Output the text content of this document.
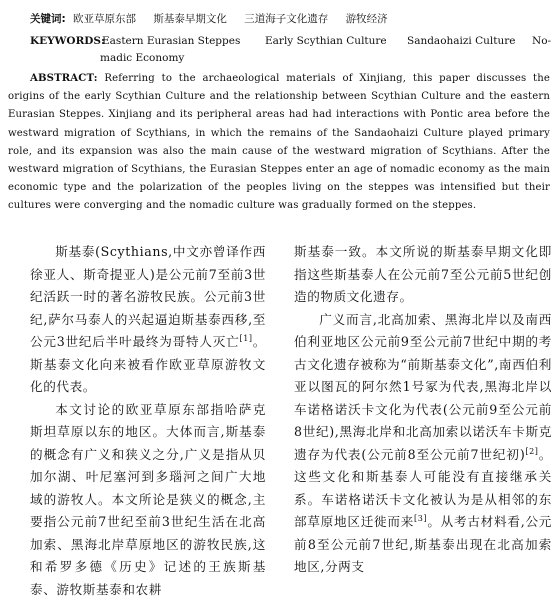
关键词: 欧亚草原东部 斯基泰早期文化 三道海子文化遗存 游牧经济
KEYWORDS:
Eastern Eurasian Steppes Early Scythian Culture Sandaohaizi Culture No-
madic Economy
ABSTRACT: Referring to the archaeological materials of Xinjiang, this paper discusses the origins of the early Scythian Culture and the relationship between Scythian Culture and the eastern Eurasian Steppes. Xinjiang and its peripheral areas had had interactions with Pontic area before the westward migration of Scythians, in which the remains of the Sandaohaizi Culture played primary role, and its expansion was also the main cause of the westward migration of Scythians. After the westward migration of Scythians, the Eurasian Steppes enter an age of nomadic economy as the main economic type and the polarization of the peoples living on the steppes was intensified but their cultures were converging and the nomadic culture was gradually formed on the steppes.

斯基泰(Scythians,中文亦曾译作西徐亚人、斯奇提亚人)是公元前7至前3世纪活跃一时的著名游牧民族。公元前3世纪,萨尔马泰人的兴起逼迫斯基泰西移,至公元3世纪后半叶最终为哥特人灭亡[1]。斯基泰文化向来被看作欧亚草原游牧文化的代表。

本文讨论的欧亚草原东部指哈萨克斯坦草原以东的地区。大体而言,斯基泰的概念有广义和狭义之分,广义是指从贝加尔湖、叶尼塞河到多瑙河之间广大地域的游牧人。本文所论是狭义的概念,主要指公元前7世纪至前3世纪生活在北高加索、黑海北岸草原地区的游牧民族,这和希罗多德《历史》记述的王族斯基泰、游牧斯基泰和农耕

斯基泰一致。本文所说的斯基泰早期文化即指这些斯基泰人在公元前7至公元前5世纪创造的物质文化遗存。

广义而言,北高加索、黑海北岸以及南西伯利亚地区公元前9至公元前7世纪中期的考古文化遗存被称为“前斯基泰文化”,南西伯利亚以图瓦的阿尔然1号冢为代表,黑海北岸以车诺格诺沃卡文化为代表(公元前9至公元前8世纪),黑海北岸和北高加索以诺沃车卡斯克遗存为代表(公元前8至公元前7世纪初)[2]。这些文化和斯基泰人可能没有直接继承关系。车诺格诺沃卡文化被认为是从相邻的东部草原地区迁徙而来[3]。从考古材料看,公元前8至公元前7世纪,斯基泰出现在北高加索地区,分两支
